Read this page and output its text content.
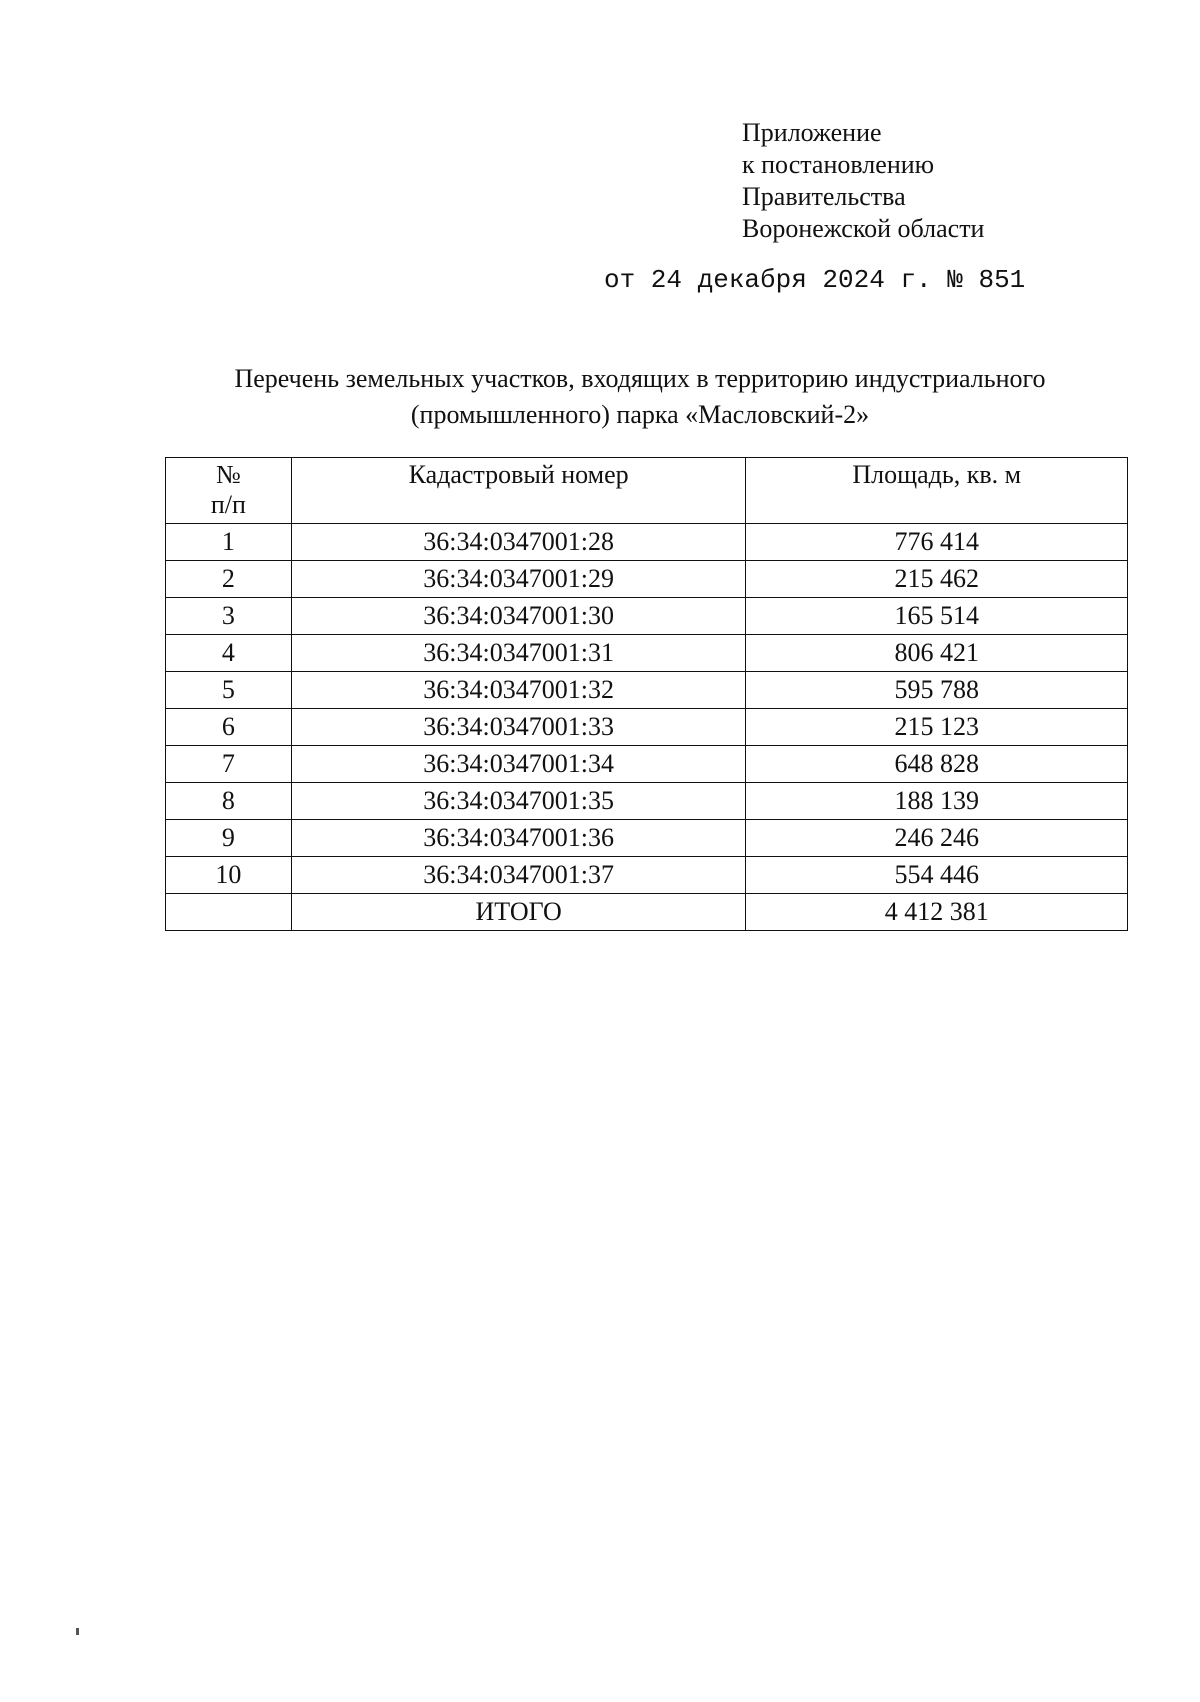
Приложение
к постановлению
Правительства
Воронежской области
от 24 декабря 2024 г. № 851
Перечень земельных участков, входящих в территорию индустриального
(промышленного) парка «Масловский-2»
№
п/п	Кадастровый номер	Площадь, кв. м
1	36:34:0347001:28	776 414
2	36:34:0347001:29	215 462
3	36:34:0347001:30	165 514
4	36:34:0347001:31	806 421
5	36:34:0347001:32	595 788
6	36:34:0347001:33	215 123
7	36:34:0347001:34	648 828
8	36:34:0347001:35	188 139
9	36:34:0347001:36	246 246
10	36:34:0347001:37	554 446
	ИТОГО	4 412 381
